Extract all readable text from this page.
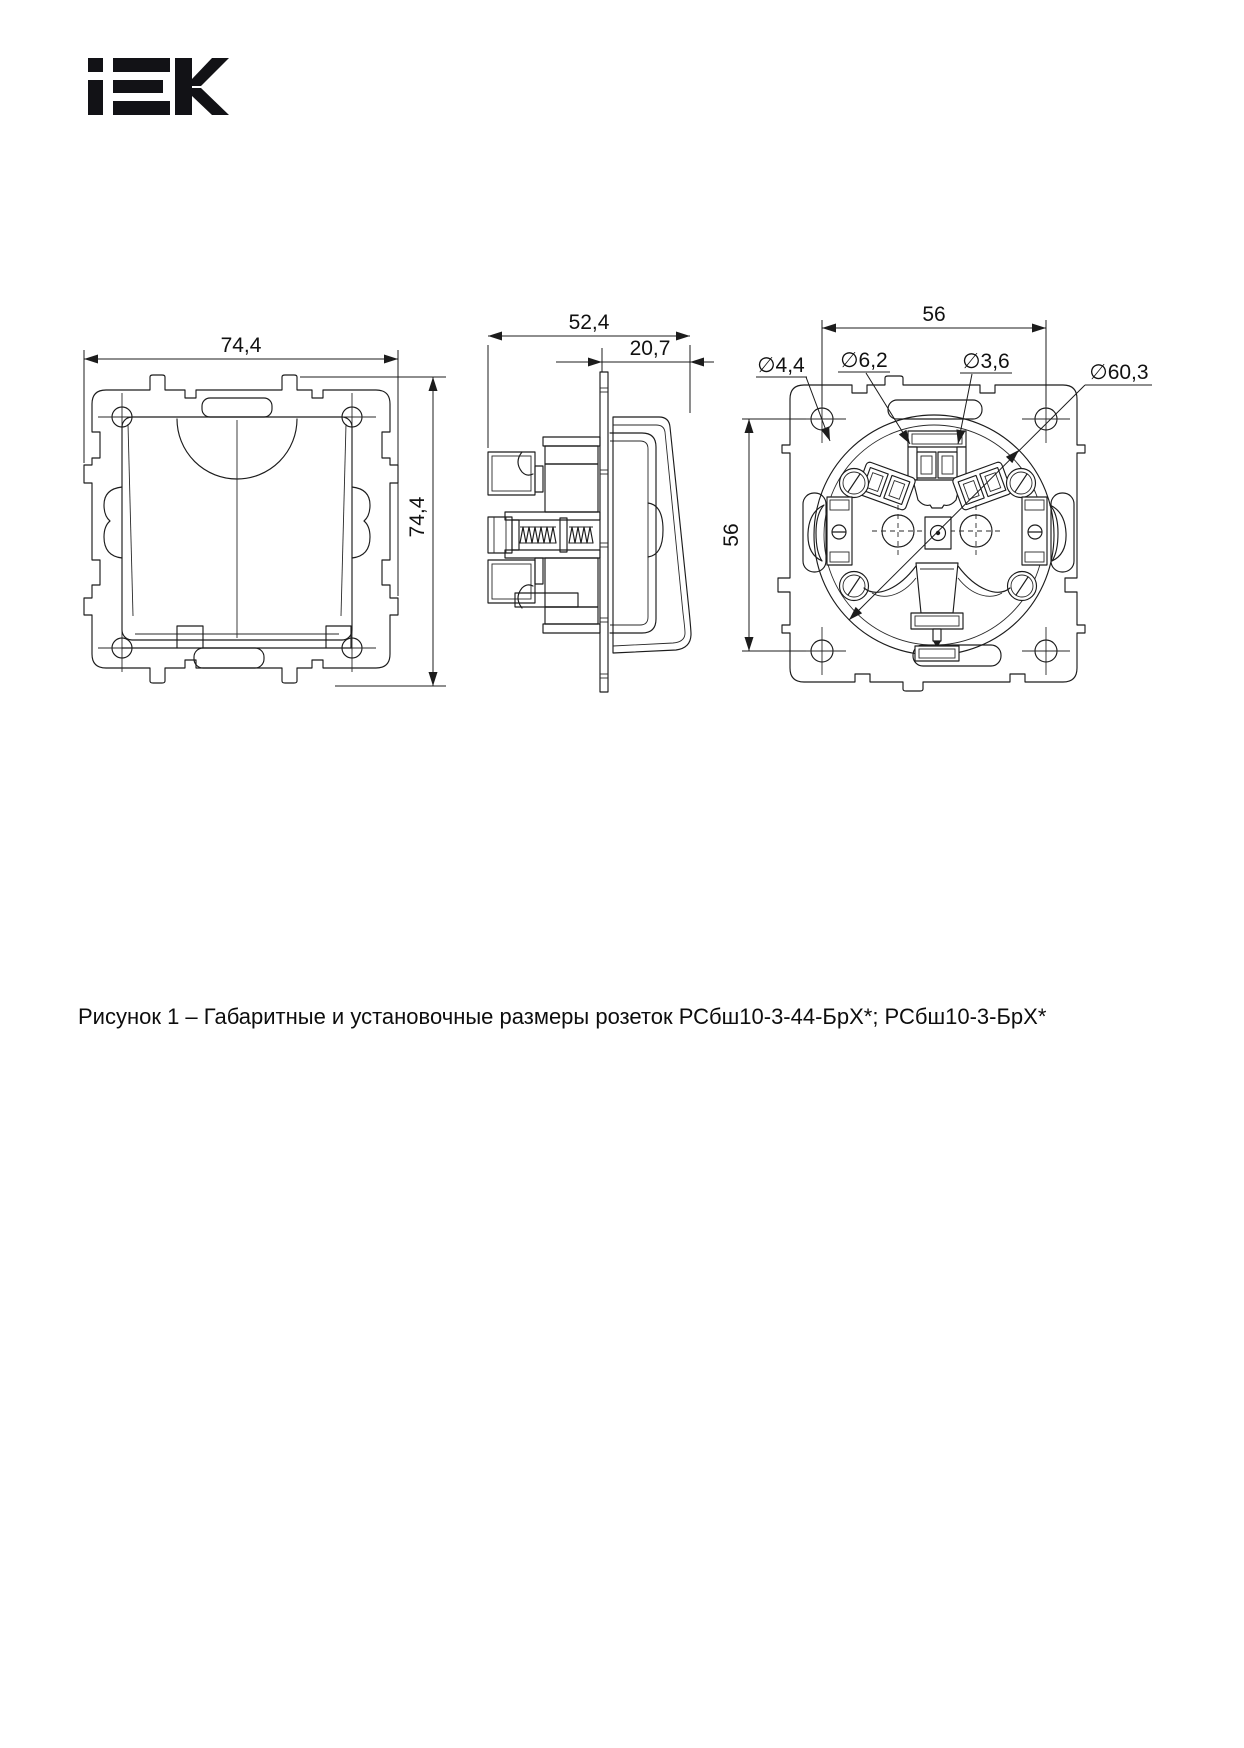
74,4
74,4
52,4
20,7
56
56
∅4,4 ∅6,2	∅3,6	∅60,3

Рисунок 1 – Габаритные и установочные размеры розеток РСбш10-3-44-БрХ*; РСбш10-3-БрХ*
